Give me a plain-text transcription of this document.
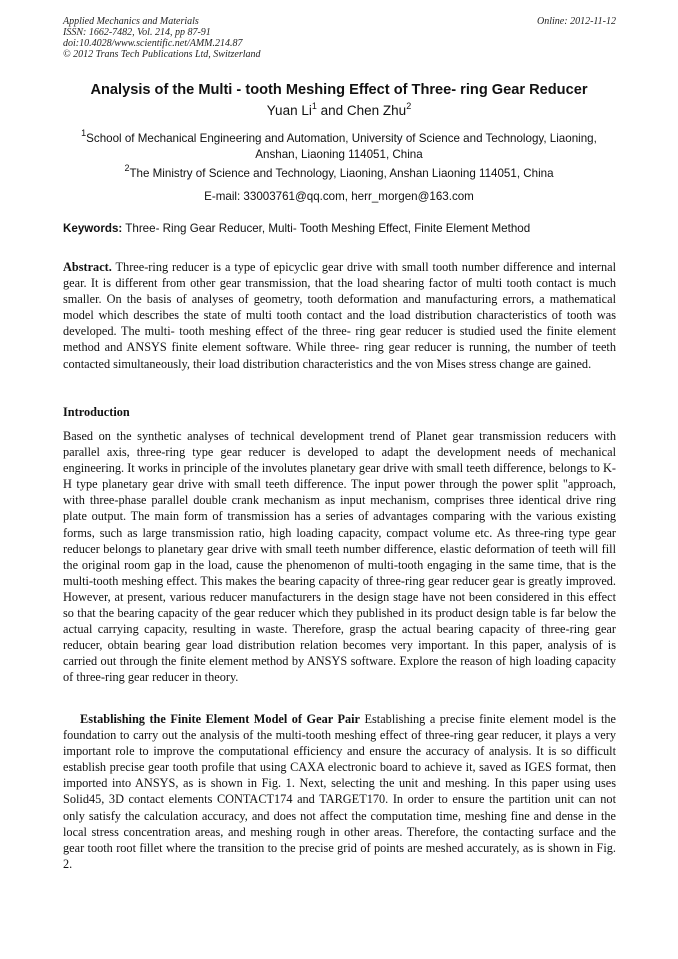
Applied Mechanics and Materials
ISSN: 1662-7482, Vol. 214, pp 87-91
doi:10.4028/www.scientific.net/AMM.214.87
© 2012 Trans Tech Publications Ltd, Switzerland
Online: 2012-11-12
Analysis of the Multi - tooth Meshing Effect of Three- ring Gear Reducer
Yuan Li$^1$ and Chen Zhu$^2$
$^1$School of Mechanical Engineering and Automation, University of Science and Technology, Liaoning, Anshan, Liaoning 114051, China
$^2$The Ministry of Science and Technology, Liaoning, Anshan Liaoning 114051, China
E-mail: 33003761@qq.com, herr_morgen@163.com
Keywords: Three- Ring Gear Reducer, Multi- Tooth Meshing Effect, Finite Element Method
Abstract. Three-ring reducer is a type of epicyclic gear drive with small tooth number difference and internal gear. It is different from other gear transmission, that the load shearing factor of multi tooth contact is much smaller. On the basis of analyses of geometry, tooth deformation and manufacturing errors, a mathematical model which describes the state of multi tooth contact and the load distribution characteristics of tooth was developed. The multi- tooth meshing effect of the three- ring gear reducer is studied used the finite element method and ANSYS finite element software. While three- ring gear reducer is running, the number of teeth contacted simultaneously, their load distribution characteristics and the von Mises stress change are gained.
Introduction
Based on the synthetic analyses of technical development trend of Planet gear transmission reducers with parallel axis, three-ring type gear reducer is developed to adapt the development needs of mechanical engineering. It works in principle of the involutes planetary gear drive with small teeth difference, belongs to K-H type planetary gear drive with small teeth difference. The input power through the power split "approach, with three-phase parallel double crank mechanism as input mechanism, comprises three identical drive ring plate output. The main form of transmission has a series of advantages comparing with the various existing forms, such as large transmission ratio, high loading capacity, compact volume etc. As three-ring type gear reducer belongs to planetary gear drive with small teeth number difference, elastic deformation of teeth will fill the original room gap in the load, cause the phenomenon of multi-tooth engaging in the same time, that is the multi-tooth meshing effect. This makes the bearing capacity of three-ring gear reducer gear is greatly improved. However, at present, various reducer manufacturers in the design stage have not been considered in this effect so that the bearing capacity of the gear reducer which they published in its product design table is far below the actual carrying capacity, resulting in waste. Therefore, grasp the actual bearing capacity of three-ring gear reducer, obtain bearing gear load distribution relation becomes very important. In this paper, analysis of is carried out through the finite element method by ANSYS software. Explore the reason of high loading capacity of three-ring gear reducer in theory.
Establishing the Finite Element Model of Gear Pair Establishing a precise finite element model is the foundation to carry out the analysis of the multi-tooth meshing effect of three-ring gear reducer, it plays a very important role to improve the computational efficiency and ensure the accuracy of analysis. It is so difficult establish precise gear tooth profile that using CAXA electronic board to achieve it, saved as IGES format, then imported into ANSYS, as is shown in Fig. 1. Next, selecting the unit and meshing. In this paper using uses Solid45, 3D contact elements CONTACT174 and TARGET170. In order to ensure the partition unit can not only satisfy the calculation accuracy, and does not affect the computation time, meshing fine and dense in the local stress concentration areas, and meshing rough in other areas. Therefore, the contacting surface and the gear tooth root fillet where the transition to the precise grid of points are meshed accurately, as is shown in Fig. 2.
